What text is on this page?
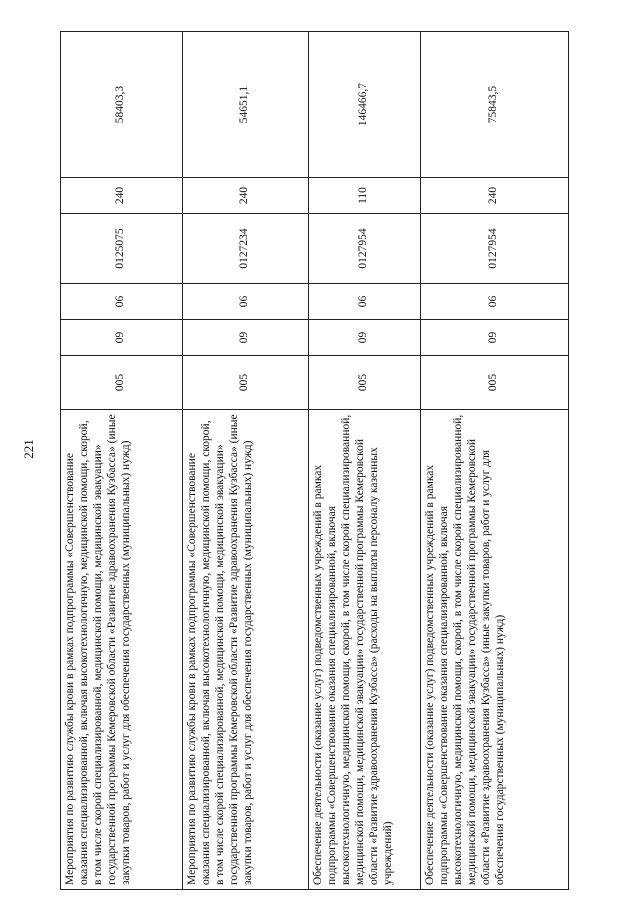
221
Мероприятия по развитию службы крови в рамках подпрограммы «Совершенствование оказания специализированной, включая высокотехнологичную, медицинской помощи, скорой, в том числе скорой специализированной, медицинской помощи, медицинской эвакуации» государственной программы Кемеровской области «Развитие здравоохранения Кузбасса» (иные закупки товаров, работ и услуг для обеспечения государственных (муниципальных) нужд)	005	09	06	0125075	240	58403,3
Мероприятия по развитию службы крови в рамках подпрограммы «Совершенствование оказания специализированной, включая высокотехнологичную, медицинской помощи, скорой, в том числе скорой специализированной, медицинской помощи, медицинской эвакуации» государственной программы Кемеровской области «Развитие здравоохранения Кузбасса» (иные закупки товаров, работ и услуг для обеспечения государственных (муниципальных) нужд)	005	09	06	0127234	240	54651,1
Обеспечение деятельности (оказание услуг) подведомственных учреждений в рамках подпрограммы «Совершенствование оказания специализированной, включая высокотехнологичную, медицинской помощи, скорой, в том числе скорой специализированной, медицинской помощи, медицинской эвакуации» государственной программы Кемеровской области «Развитие здравоохранения Кузбасса» (расходы на выплаты персоналу казенных учреждений)	005	09	06	0127954	110	146466,7
Обеспечение деятельности (оказание услуг) подведомственных учреждений в рамках подпрограммы «Совершенствование оказания специализированной, включая высокотехнологичную, медицинской помощи, скорой, в том числе скорой специализированной, медицинской помощи, медицинской эвакуации» государственной программы Кемеровской области «Развитие здравоохранения Кузбасса» (иные закупки товаров, работ и услуг для обеспечения государственных (муниципальных) нужд)	005	09	06	0127954	240	75843,5
